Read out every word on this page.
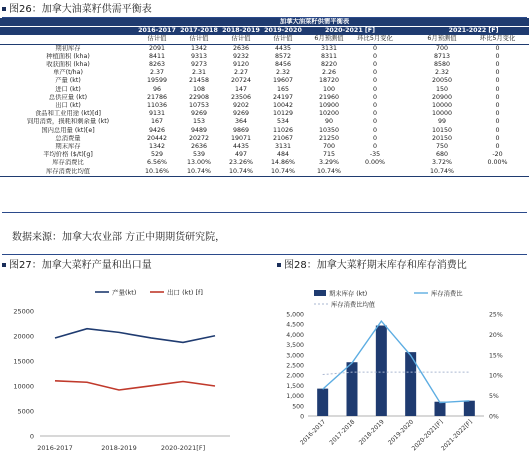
图26：加拿大油菜籽供需平衡表
加拿大油菜籽供需平衡表									
	2016-2017	2017-2018	2018-2019	2019-2020	2020-2021 [F]			2021-2022 [F]	
	估计值	估计值	估计值	估计值	6月预测值	环比5月变化		6月预测值	环比5月变化
期初库存	2091	1342	2636	4435	3131	0		700	0
种植面积 (kha)	8411	9313	9232	8572	8311	0		8713	0
收获面积 (kha)	8263	9273	9120	8456	8220	0		8580	0
单产(t/ha)	2.37	2.31	2.27	2.32	2.26	0		2.32	0
产量 (kt)	19599	21458	20724	19607	18720	0		20050	0
进口 (kt)	96	108	147	165	100	0		150	0
总供应量 (kt)	21786	22908	23506	24197	21960	0		20900	0
出口 (kt)	11036	10753	9202	10042	10900	0		10000	0
食品和工业用途 (kt)[d]	9131	9269	9269	10129	10200	0		10000	0
饲用消费，损耗和剩余量 (kt)	167	153	364	534	90	0		99	0
国内总用量 (kt)[e]	9426	9489	9869	11026	10350	0		10150	0
总消费量	20442	20272	19071	21067	21250	0		20150	0
期末库存	1342	2636	4435	3131	700	0		750	0
平均价格 ($/t)[g]	529	539	497	484	715	-35		680	-20
库存消费比	6.56%	13.00%	23.26%	14.86%	3.29%	0.00%		3.72%	0.00%
库存消费比均值	10.16%	10.74%	10.74%	10.74%	10.74%			10.74%	
数据来源：加拿大农业部 方正中期期货研究院，
图27：加拿大菜籽产量和出口量
0
5000
10000
15000
20000
25000
2016-2017	2018-2019	2020-2021[F]
产量(kt)	出口 (kt) [f]
图28：加拿大菜籽期末库存和库存消费比
0
500
1,000
1,500
2,000
2,500
3,000
3,500
4,000
4,500
5,000
0%
5%
10%
15%
20%
25%
2016-2017 2017-2018 2018-2019 2019-2020
2020-2021[F]
2021-2022[F]
期末库存 (kt)	库存消费比
库存消费比均值
